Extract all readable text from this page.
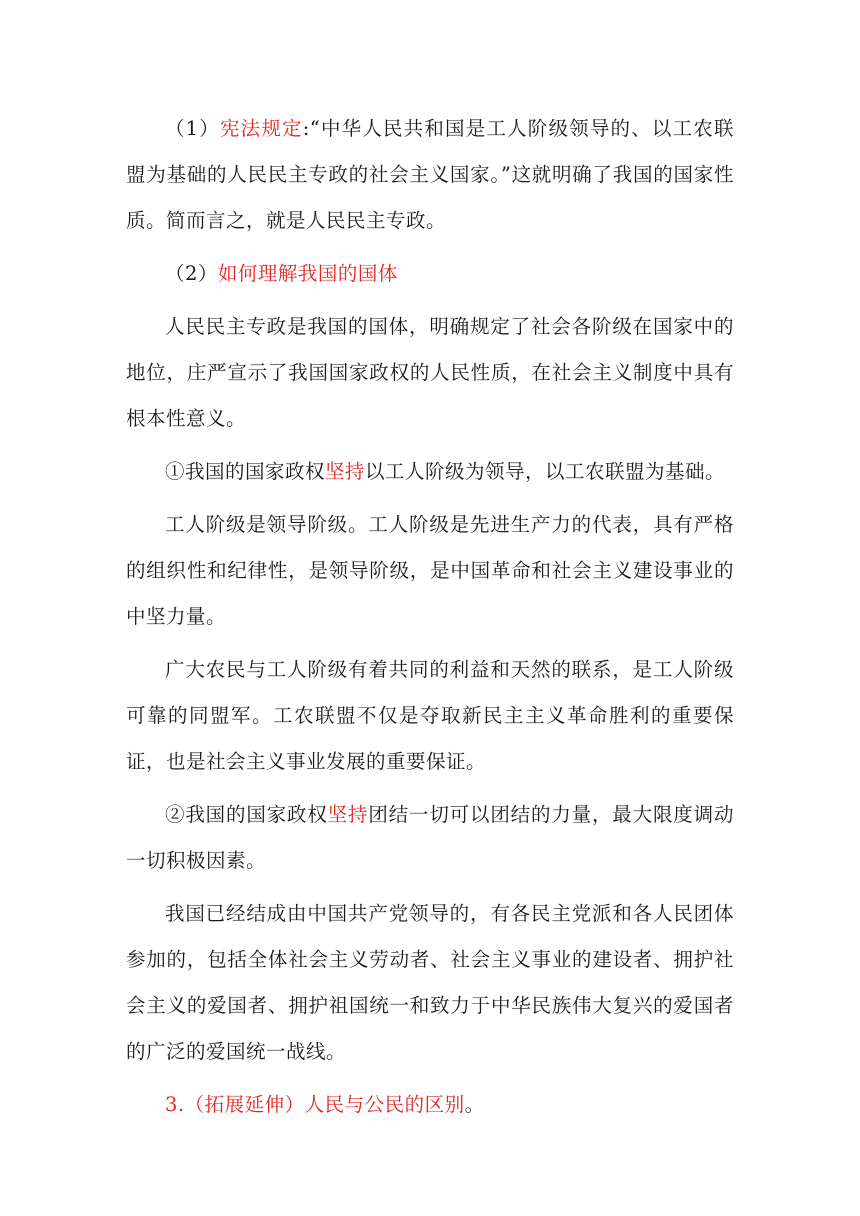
（1）宪法规定:“中华人民共和国是工人阶级领导的、以工农联盟为基础的人民民主专政的社会主义国家。”这就明确了我国的国家性质。简而言之，就是人民民主专政。

（2）如何理解我国的国体

人民民主专政是我国的国体，明确规定了社会各阶级在国家中的地位，庄严宣示了我国国家政权的人民性质，在社会主义制度中具有根本性意义。

①我国的国家政权坚持以工人阶级为领导，以工农联盟为基础。

工人阶级是领导阶级。工人阶级是先进生产力的代表，具有严格的组织性和纪律性，是领导阶级，是中国革命和社会主义建设事业的中坚力量。

广大农民与工人阶级有着共同的利益和天然的联系，是工人阶级可靠的同盟军。工农联盟不仅是夺取新民主主义革命胜利的重要保证，也是社会主义事业发展的重要保证。

②我国的国家政权坚持团结一切可以团结的力量，最大限度调动一切积极因素。

我国已经结成由中国共产党领导的，有各民主党派和各人民团体参加的，包括全体社会主义劳动者、社会主义事业的建设者、拥护社会主义的爱国者、拥护祖国统一和致力于中华民族伟大复兴的爱国者的广泛的爱国统一战线。

3.（拓展延伸）人民与公民的区别。
